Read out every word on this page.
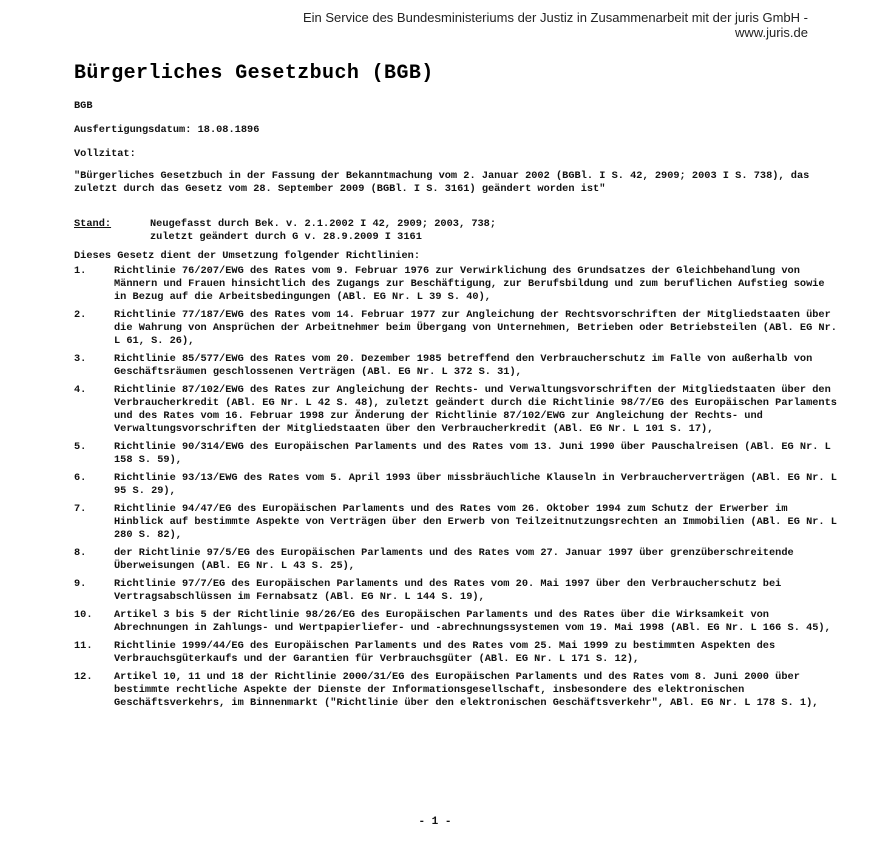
Ein Service des Bundesministeriums der Justiz in Zusammenarbeit mit der juris GmbH -
www.juris.de
Bürgerliches Gesetzbuch (BGB)
BGB
Ausfertigungsdatum: 18.08.1896
Vollzitat:
"Bürgerliches Gesetzbuch in der Fassung der Bekanntmachung vom 2. Januar 2002 (BGBl. I S. 42, 2909; 2003 I S. 738), das zuletzt durch das Gesetz vom 28. September 2009 (BGBl. I S. 3161) geändert worden ist"
Stand:	Neugefasst durch Bek. v. 2.1.2002 I 42, 2909; 2003, 738;
zuletzt geändert durch G v. 28.9.2009 I 3161
Dieses Gesetz dient der Umsetzung folgender Richtlinien:
1.	Richtlinie 76/207/EWG des Rates vom 9. Februar 1976 zur Verwirklichung des Grundsatzes der Gleichbehandlung von Männern und Frauen hinsichtlich des Zugangs zur Beschäftigung, zur Berufsbildung und zum beruflichen Aufstieg sowie in Bezug auf die Arbeitsbedingungen (ABl. EG Nr. L 39 S. 40),
2.	Richtlinie 77/187/EWG des Rates vom 14. Februar 1977 zur Angleichung der Rechtsvorschriften der Mitgliedstaaten über die Wahrung von Ansprüchen der Arbeitnehmer beim Übergang von Unternehmen, Betrieben oder Betriebsteilen (ABl. EG Nr. L 61, S. 26),
3.	Richtlinie 85/577/EWG des Rates vom 20. Dezember 1985 betreffend den Verbraucherschutz im Falle von außerhalb von Geschäftsräumen geschlossenen Verträgen (ABl. EG Nr. L 372 S. 31),
4.	Richtlinie 87/102/EWG des Rates zur Angleichung der Rechts- und Verwaltungsvorschriften der Mitgliedstaaten über den Verbraucherkredit (ABl. EG Nr. L 42 S. 48), zuletzt geändert durch die Richtlinie 98/7/EG des Europäischen Parlaments und des Rates vom 16. Februar 1998 zur Änderung der Richtlinie 87/102/EWG zur Angleichung der Rechts- und Verwaltungsvorschriften der Mitgliedstaaten über den Verbraucherkredit (ABl. EG Nr. L 101 S. 17),
5.	Richtlinie 90/314/EWG des Europäischen Parlaments und des Rates vom 13. Juni 1990 über Pauschalreisen (ABl. EG Nr. L 158 S. 59),
6.	Richtlinie 93/13/EWG des Rates vom 5. April 1993 über missbräuchliche Klauseln in Verbraucherverträgen (ABl. EG Nr. L 95 S. 29),
7.	Richtlinie 94/47/EG des Europäischen Parlaments und des Rates vom 26. Oktober 1994 zum Schutz der Erwerber im Hinblick auf bestimmte Aspekte von Verträgen über den Erwerb von Teilzeitnutzungsrechten an Immobilien (ABl. EG Nr. L 280 S. 82),
8.	der Richtlinie 97/5/EG des Europäischen Parlaments und des Rates vom 27. Januar 1997 über grenzüberschreitende Überweisungen (ABl. EG Nr. L 43 S. 25),
9.	Richtlinie 97/7/EG des Europäischen Parlaments und des Rates vom 20. Mai 1997 über den Verbraucherschutz bei Vertragsabschlüssen im Fernabsatz (ABl. EG Nr. L 144 S. 19),
10.	Artikel 3 bis 5 der Richtlinie 98/26/EG des Europäischen Parlaments und des Rates über die Wirksamkeit von Abrechnungen in Zahlungs- und Wertpapierliefer- und -abrechnungssystemen vom 19. Mai 1998 (ABl. EG Nr. L 166 S. 45),
11.	Richtlinie 1999/44/EG des Europäischen Parlaments und des Rates vom 25. Mai 1999 zu bestimmten Aspekten des Verbrauchsgüterkaufs und der Garantien für Verbrauchsgüter (ABl. EG Nr. L 171 S. 12),
12.	Artikel 10, 11 und 18 der Richtlinie 2000/31/EG des Europäischen Parlaments und des Rates vom 8. Juni 2000 über bestimmte rechtliche Aspekte der Dienste der Informationsgesellschaft, insbesondere des elektronischen Geschäftsverkehrs, im Binnenmarkt ("Richtlinie über den elektronischen Geschäftsverkehr", ABl. EG Nr. L 178 S. 1),
- 1 -
